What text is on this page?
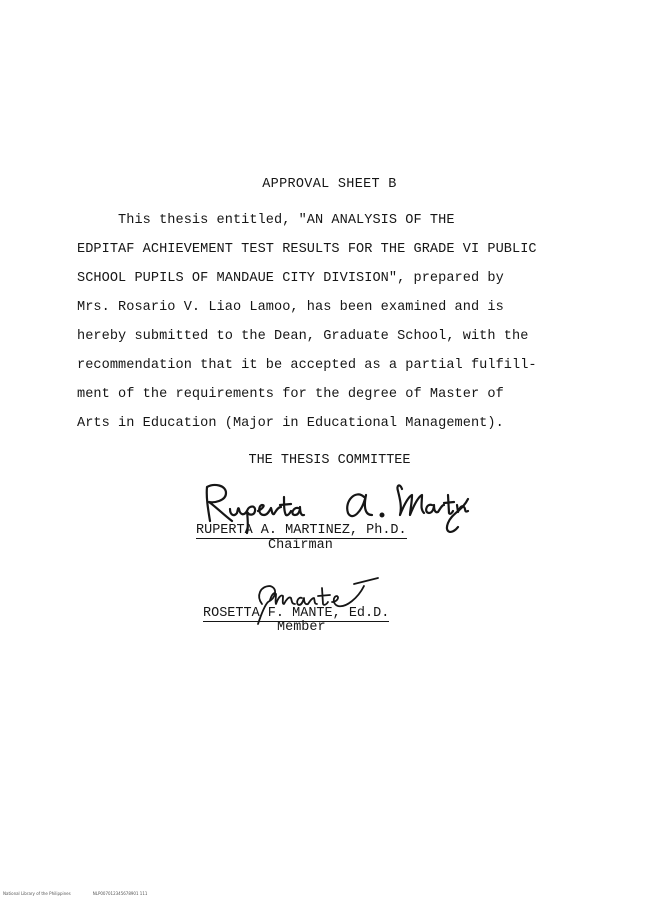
APPROVAL SHEET B
This thesis entitled, "AN ANALYSIS OF THE
EDPITAF ACHIEVEMENT TEST RESULTS FOR THE GRADE VI PUBLIC
SCHOOL PUPILS OF MANDAUE CITY DIVISION", prepared by
Mrs. Rosario V. Liao Lamoo, has been examined and is
hereby submitted to the Dean, Graduate School, with the
recommendation that it be accepted as a partial fulfill-
ment of the requirements for the degree of Master of
Arts in Education (Major in Educational Management).
THE THESIS COMMITTEE
RUPERTA A. MARTINEZ, Ph.D.
Chairman
ROSETTA F. MANTE, Ed.D.
Member
National Library of the Philippines	NLP007012345678901 111
